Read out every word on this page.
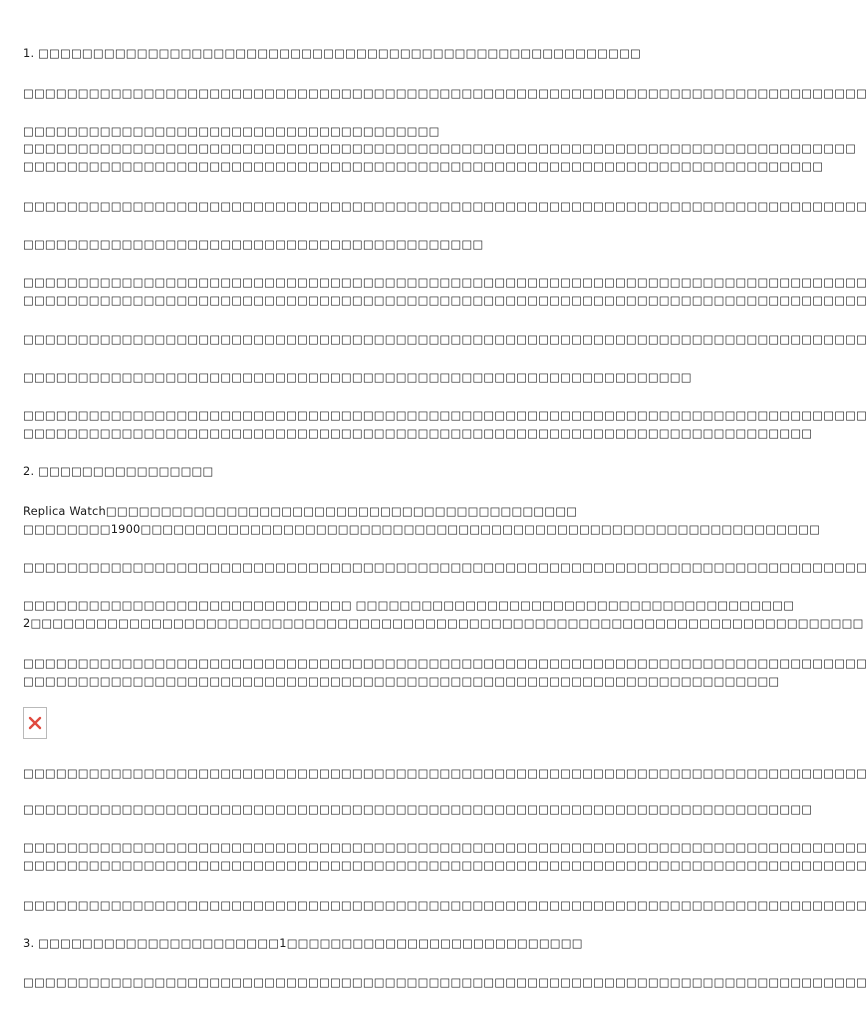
1. □□□□□□□□□□□□□□□□□□□□□□□□□□□□□□□□□□□□□□□□□□□□□□□□□□□□□□□
□□□□□□□□□□□□□□□□□□□□□□□□□□□□□□□□□□□□□□□□□□□□□□□□□□□□□□□□□□□□□□□□□□□□□□□□□□□□□
□□□□□□□□□□□□□□□□□□□□□□□□□□□□□□□□□□□□□□
□□□□□□□□□□□□□□□□□□□□□□□□□□□□□□□□□□□□□□□□□□□□□□□□□□□□□□□□□□□□□□□□□□□□□□□□□□□□
□□□□□□□□□□□□□□□□□□□□□□□□□□□□□□□□□□□□□□□□□□□□□□□□□□□□□□□□□□□□□□□□□□□□□□□□□
□□□□□□□□□□□□□□□□□□□□□□□□□□□□□□□□□□□□□□□□□□□□□□□□□□□□□□□□□□□□□□□□□□□□□□□□□□□□□
□□□□□□□□□□□□□□□□□□□□□□□□□□□□□□□□□□□□□□□□□□
□□□□□□□□□□□□□□□□□□□□□□□□□□□□□□□□□□□□□□□□□□□□□□□□□□□□□□□□□□□□□□□□□□□□□□□□□□□□□
□□□□□□□□□□□□□□□□□□□□□□□□□□□□□□□□□□□□□□□□□□□□□□□□□□□□□□□□□□□□□□□□□□□□□□□□□□□□□
□□□□□□□□□□□□□□□□□□□□□□□□□□□□□□□□□□□□□□□□□□□□□□□□□□□□□□□□□□□□□□□□□□□□□□□□□□□□□
□□□□□□□□□□□□□□□□□□□□□□□□□□□□□□□□□□□□□□□□□□□□□□□□□□□□□□□□□□□□□
□□□□□□□□□□□□□□□□□□□□□□□□□□□□□□□□□□□□□□□□□□□□□□□□□□□□□□□□□□□□□□□□□□□□□□□□□□□□□
□□□□□□□□□□□□□□□□□□□□□□□□□□□□□□□□□□□□□□□□□□□□□□□□□□□□□□□□□□□□□□□□□□□□□□□□
2. □□□□□□□□□□□□□□□□
Replica Watch□□□□□□□□□□□□□□□□□□□□□□□□□□□□□□□□□□□□□□□□□□□
□□□□□□□□1900□□□□□□□□□□□□□□□□□□□□□□□□□□□□□□□□□□□□□□□□□□□□□□□□□□□□□□□□□□□□□□
□□□□□□□□□□□□□□□□□□□□□□□□□□□□□□□□□□□□□□□□□□□□□□□□□□□□□□□□□□□□□□□□□□□□□□□□□□□□□
□□□□□□□□□□□□□□□□□□□□□□□□□□□□□□ □□□□□□□□□□□□□□□□□□□□□□□□□□□□□□□□□□□□□□□□
2□□□□□□□□□□□□□□□□□□□□□□□□□□□□□□□□□□□□□□□□□□□□□□□□□□□□□□□□□□□□□□□□□□□□□□□□□□□□
□□□□□□□□□□□□□□□□□□□□□□□□□□□□□□□□□□□□□□□□□□□□□□□□□□□□□□□□□□□□□□□□□□□□□□□□□□□□□
□□□□□□□□□□□□□□□□□□□□□□□□□□□□□□□□□□□□□□□□□□□□□□□□□□□□□□□□□□□□□□□□□□□□□
□□□□□□□□□□□□□□□□□□□□□□□□□□□□□□□□□□□□□□□□□□□□□□□□□□□□□□□□□□□□□□□□□□□□□□□□□□□□□
□□□□□□□□□□□□□□□□□□□□□□□□□□□□□□□□□□□□□□□□□□□□□□□□□□□□□□□□□□□□□□□□□□□□□□□□
□□□□□□□□□□□□□□□□□□□□□□□□□□□□□□□□□□□□□□□□□□□□□□□□□□□□□□□□□□□□□□□□□□□□□□□□□□□□□
□□□□□□□□□□□□□□□□□□□□□□□□□□□□□□□□□□□□□□□□□□□□□□□□□□□□□□□□□□□□□□□□□□□□□□□□□□□□□
□□□□□□□□□□□□□□□□□□□□□□□□□□□□□□□□□□□□□□□□□□□□□□□□□□□□□□□□□□□□□□□□□□□□□□□□□□□□□
3. □□□□□□□□□□□□□□□□□□□□□□1□□□□□□□□□□□□□□□□□□□□□□□□□□□
□□□□□□□□□□□□□□□□□□□□□□□□□□□□□□□□□□□□□□□□□□□□□□□□□□□□□□□□□□□□□□□□□□□□□□□□□□□□□
